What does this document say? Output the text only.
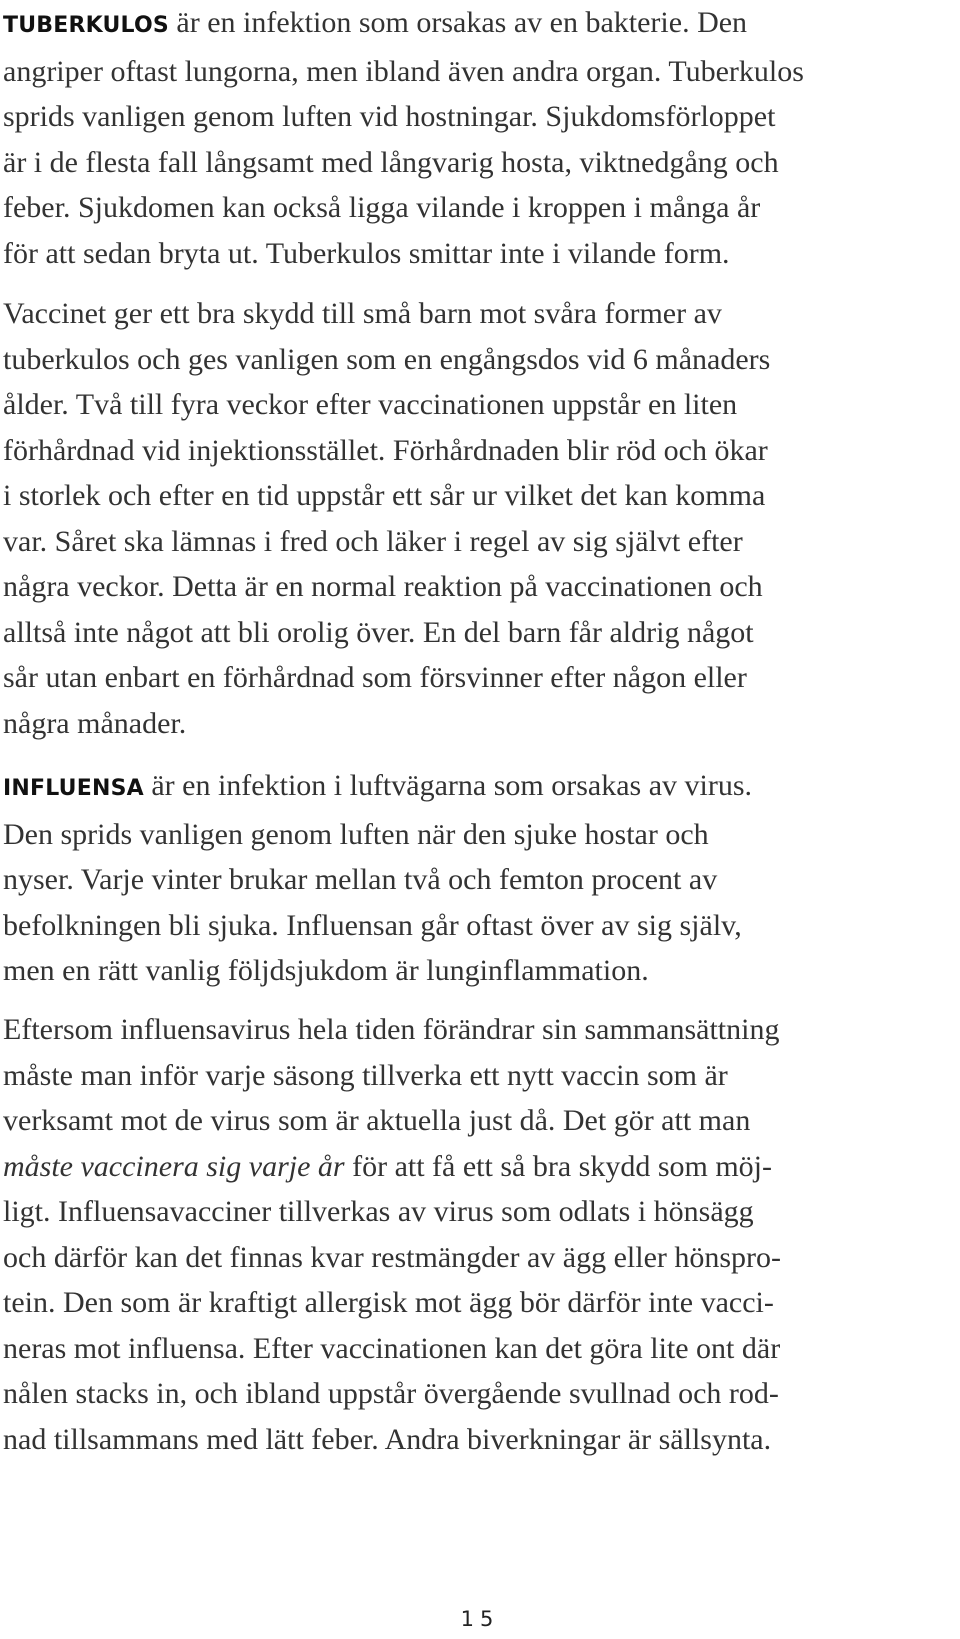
TUBERKULOS är en infektion som orsakas av en bakterie. Den
angriper oftast lungorna, men ibland även andra organ. Tuberkulos
sprids vanligen genom luften vid hostningar. Sjukdomsförloppet
är i de flesta fall långsamt med långvarig hosta, viktnedgång och
feber. Sjukdomen kan också ligga vilande i kroppen i många år
för att sedan bryta ut. Tuberkulos smittar inte i vilande form.

Vaccinet ger ett bra skydd till små barn mot svåra former av
tuberkulos och ges vanligen som en engångsdos vid 6 månaders
ålder. Två till fyra veckor efter vaccinationen uppstår en liten
förhårdnad vid injektionsstället. Förhårdnaden blir röd och ökar
i storlek och efter en tid uppstår ett sår ur vilket det kan komma
var. Såret ska lämnas i fred och läker i regel av sig självt efter
några veckor. Detta är en normal reaktion på vaccinationen och
alltså inte något att bli orolig över. En del barn får aldrig något
sår utan enbart en förhårdnad som försvinner efter någon eller
några månader.

INFLUENSA är en infektion i luftvägarna som orsakas av virus.
Den sprids vanligen genom luften när den sjuke hostar och
nyser. Varje vinter brukar mellan två och femton procent av
befolkningen bli sjuka. Influensan går oftast över av sig själv,
men en rätt vanlig följdsjukdom är lunginflammation.

Eftersom influensavirus hela tiden förändrar sin sammansättning
måste man inför varje säsong tillverka ett nytt vaccin som är
verksamt mot de virus som är aktuella just då. Det gör att man
måste vaccinera sig varje år för att få ett så bra skydd som möj-
ligt. Influensavacciner tillverkas av virus som odlats i hönsägg
och därför kan det finnas kvar restmängder av ägg eller hönspro-
tein. Den som är kraftigt allergisk mot ägg bör därför inte vacci-
neras mot influensa. Efter vaccinationen kan det göra lite ont där
nålen stacks in, och ibland uppstår övergående svullnad och rod-
nad tillsammans med lätt feber. Andra biverkningar är sällsynta.

15
